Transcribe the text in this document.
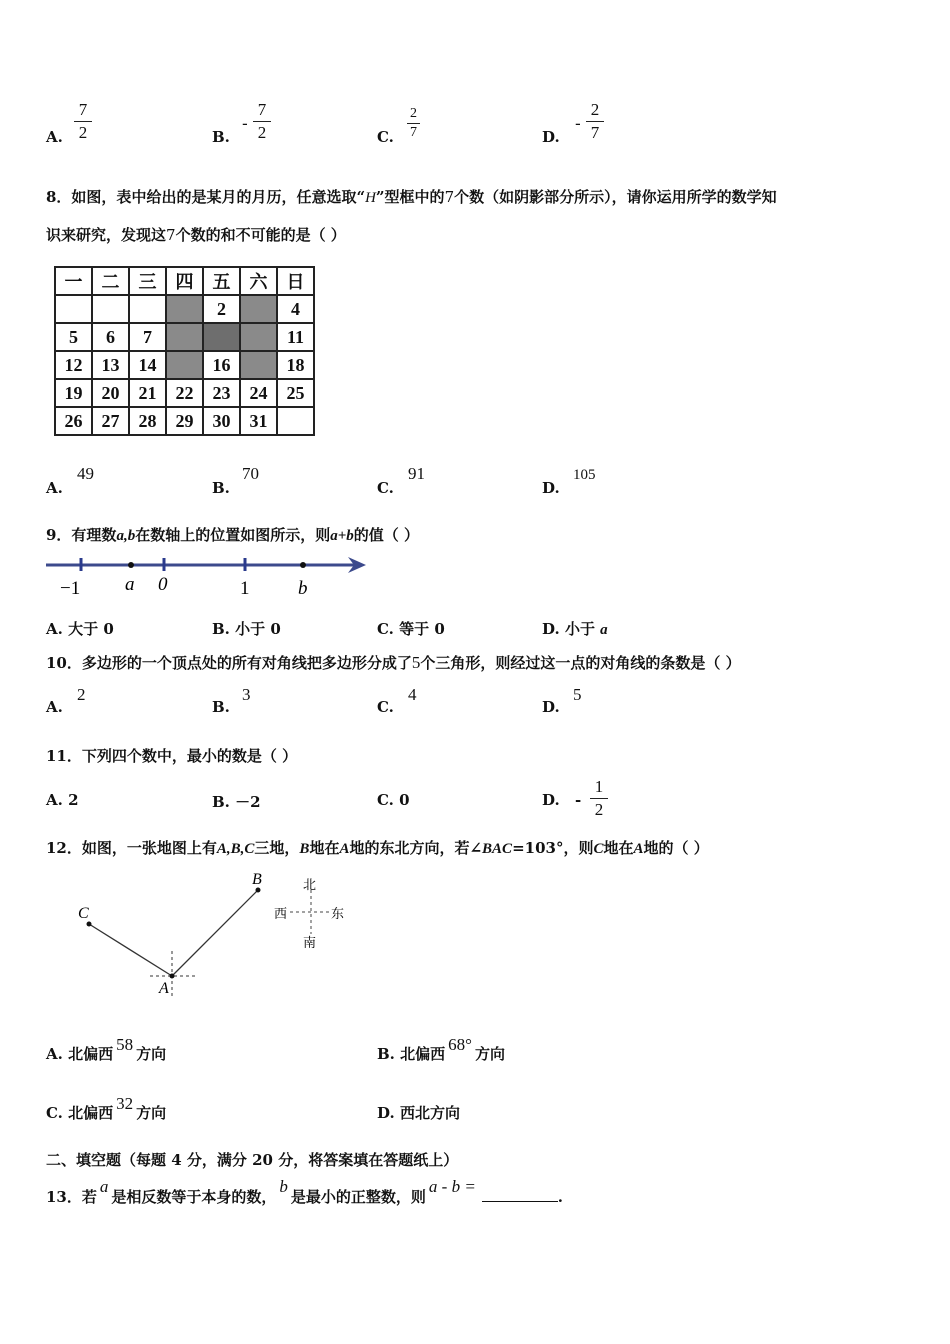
A.
7
2	B.
-
7
2	C.
2
7	D.
-
2
7
8．如图，表中给出的是某月的月历，任意选取“H”型框中的7个数（如阴影部分所示），请你运用所学的数学知
识来研究，发现这7个数的和不可能的是（ ）
一	二	三	四	五	六	日
				2		4
5	6	7				11
12	13	14		16		18
19	20	21	22	23	24	25
26	27	28	29	30	31	
A.
49
B.
70
C.
91
D.
105
9．有理数a,b在数轴上的位置如图所示，则a+b的值（ ）
−1 a 0	1	b
A. 大于 0	B. 小于 0	C. 等于 0	D. 小于 a
10．多边形的一个顶点处的所有对角线把多边形分成了5个三角形，则经过这一点的对角线的条数是（ ）
A.
2
B.
3
C.
4
D.
5
11．下列四个数中，最小的数是（ ）
A. 2	B. －2	C. 0	D. -
1
2
12．如图，一张地图上有A,B,C三地，B地在A地的东北方向，若∠BAC=103°，则C地在A地的（ ）
C
A
B	北
南
西	东
A. 北偏西 58 方向	B. 北偏西 68° 方向
C. 北偏西 32 方向	D. 西北方向
二、填空题（每题 4 分，满分 20 分，将答案填在答题纸上）
13．若a是相反数等于本身的数，b是最小的正整数，则a - b =.
